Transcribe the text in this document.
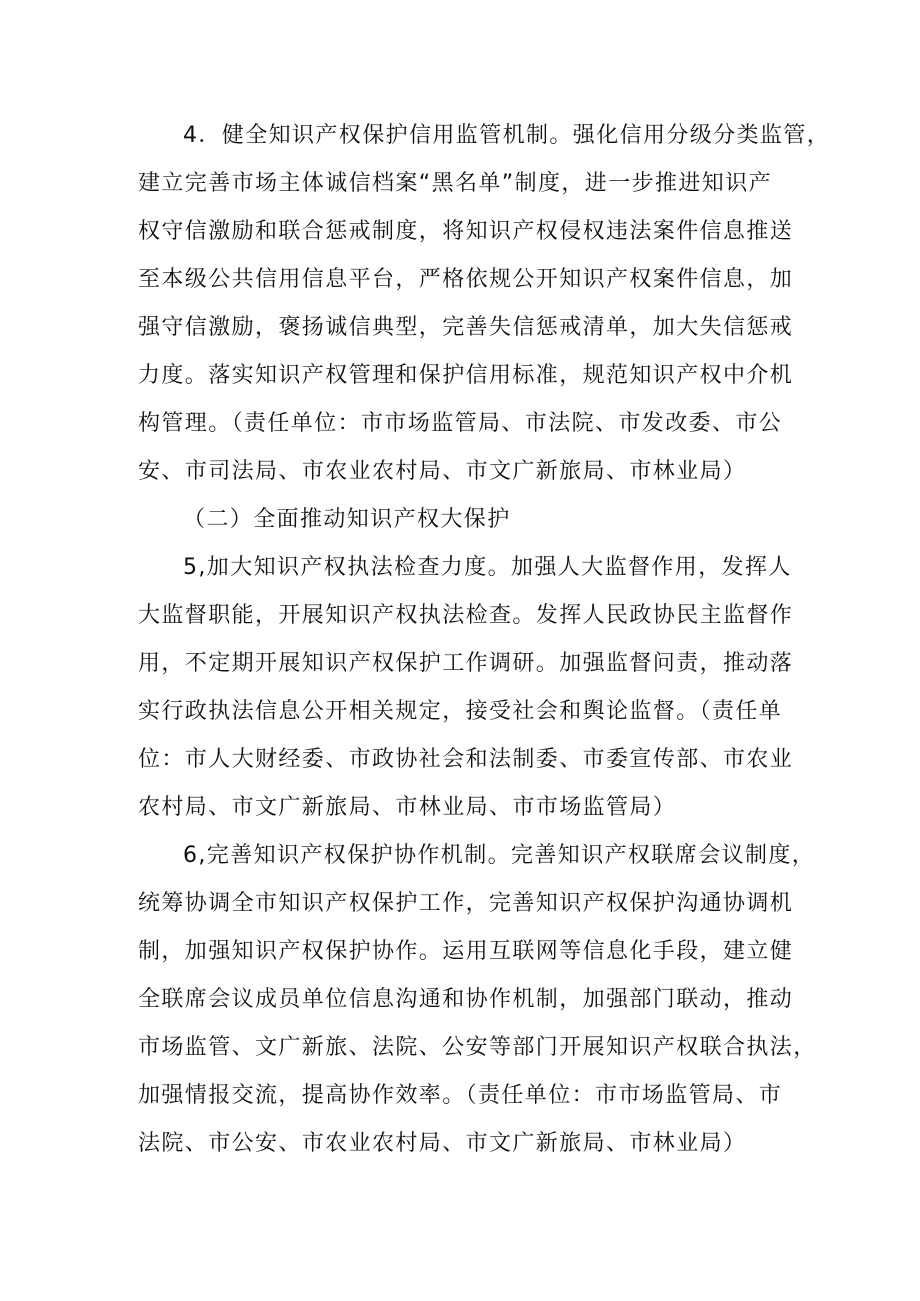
4．健全知识产权保护信用监管机制。强化信用分级分类监管，
建立完善市场主体诚信档案“黑名单”制度，进一步推进知识产
权守信激励和联合惩戒制度，将知识产权侵权违法案件信息推送
至本级公共信用信息平台，严格依规公开知识产权案件信息，加
强守信激励，褒扬诚信典型，完善失信惩戒清单，加大失信惩戒
力度。落实知识产权管理和保护信用标准，规范知识产权中介机
构管理。（责任单位：市市场监管局、市法院、市发改委、市公
安、市司法局、市农业农村局、市文广新旅局、市林业局）
（二）全面推动知识产权大保护
5,加大知识产权执法检查力度。加强人大监督作用，发挥人
大监督职能，开展知识产权执法检查。发挥人民政协民主监督作
用，不定期开展知识产权保护工作调研。加强监督问责，推动落
实行政执法信息公开相关规定，接受社会和舆论监督。（责任单
位：市人大财经委、市政协社会和法制委、市委宣传部、市农业
农村局、市文广新旅局、市林业局、市市场监管局）
6,完善知识产权保护协作机制。完善知识产权联席会议制度，
统筹协调全市知识产权保护工作，完善知识产权保护沟通协调机
制，加强知识产权保护协作。运用互联网等信息化手段，建立健
全联席会议成员单位信息沟通和协作机制，加强部门联动，推动
市场监管、文广新旅、法院、公安等部门开展知识产权联合执法，
加强情报交流，提高协作效率。（责任单位：市市场监管局、市
法院、市公安、市农业农村局、市文广新旅局、市林业局）
